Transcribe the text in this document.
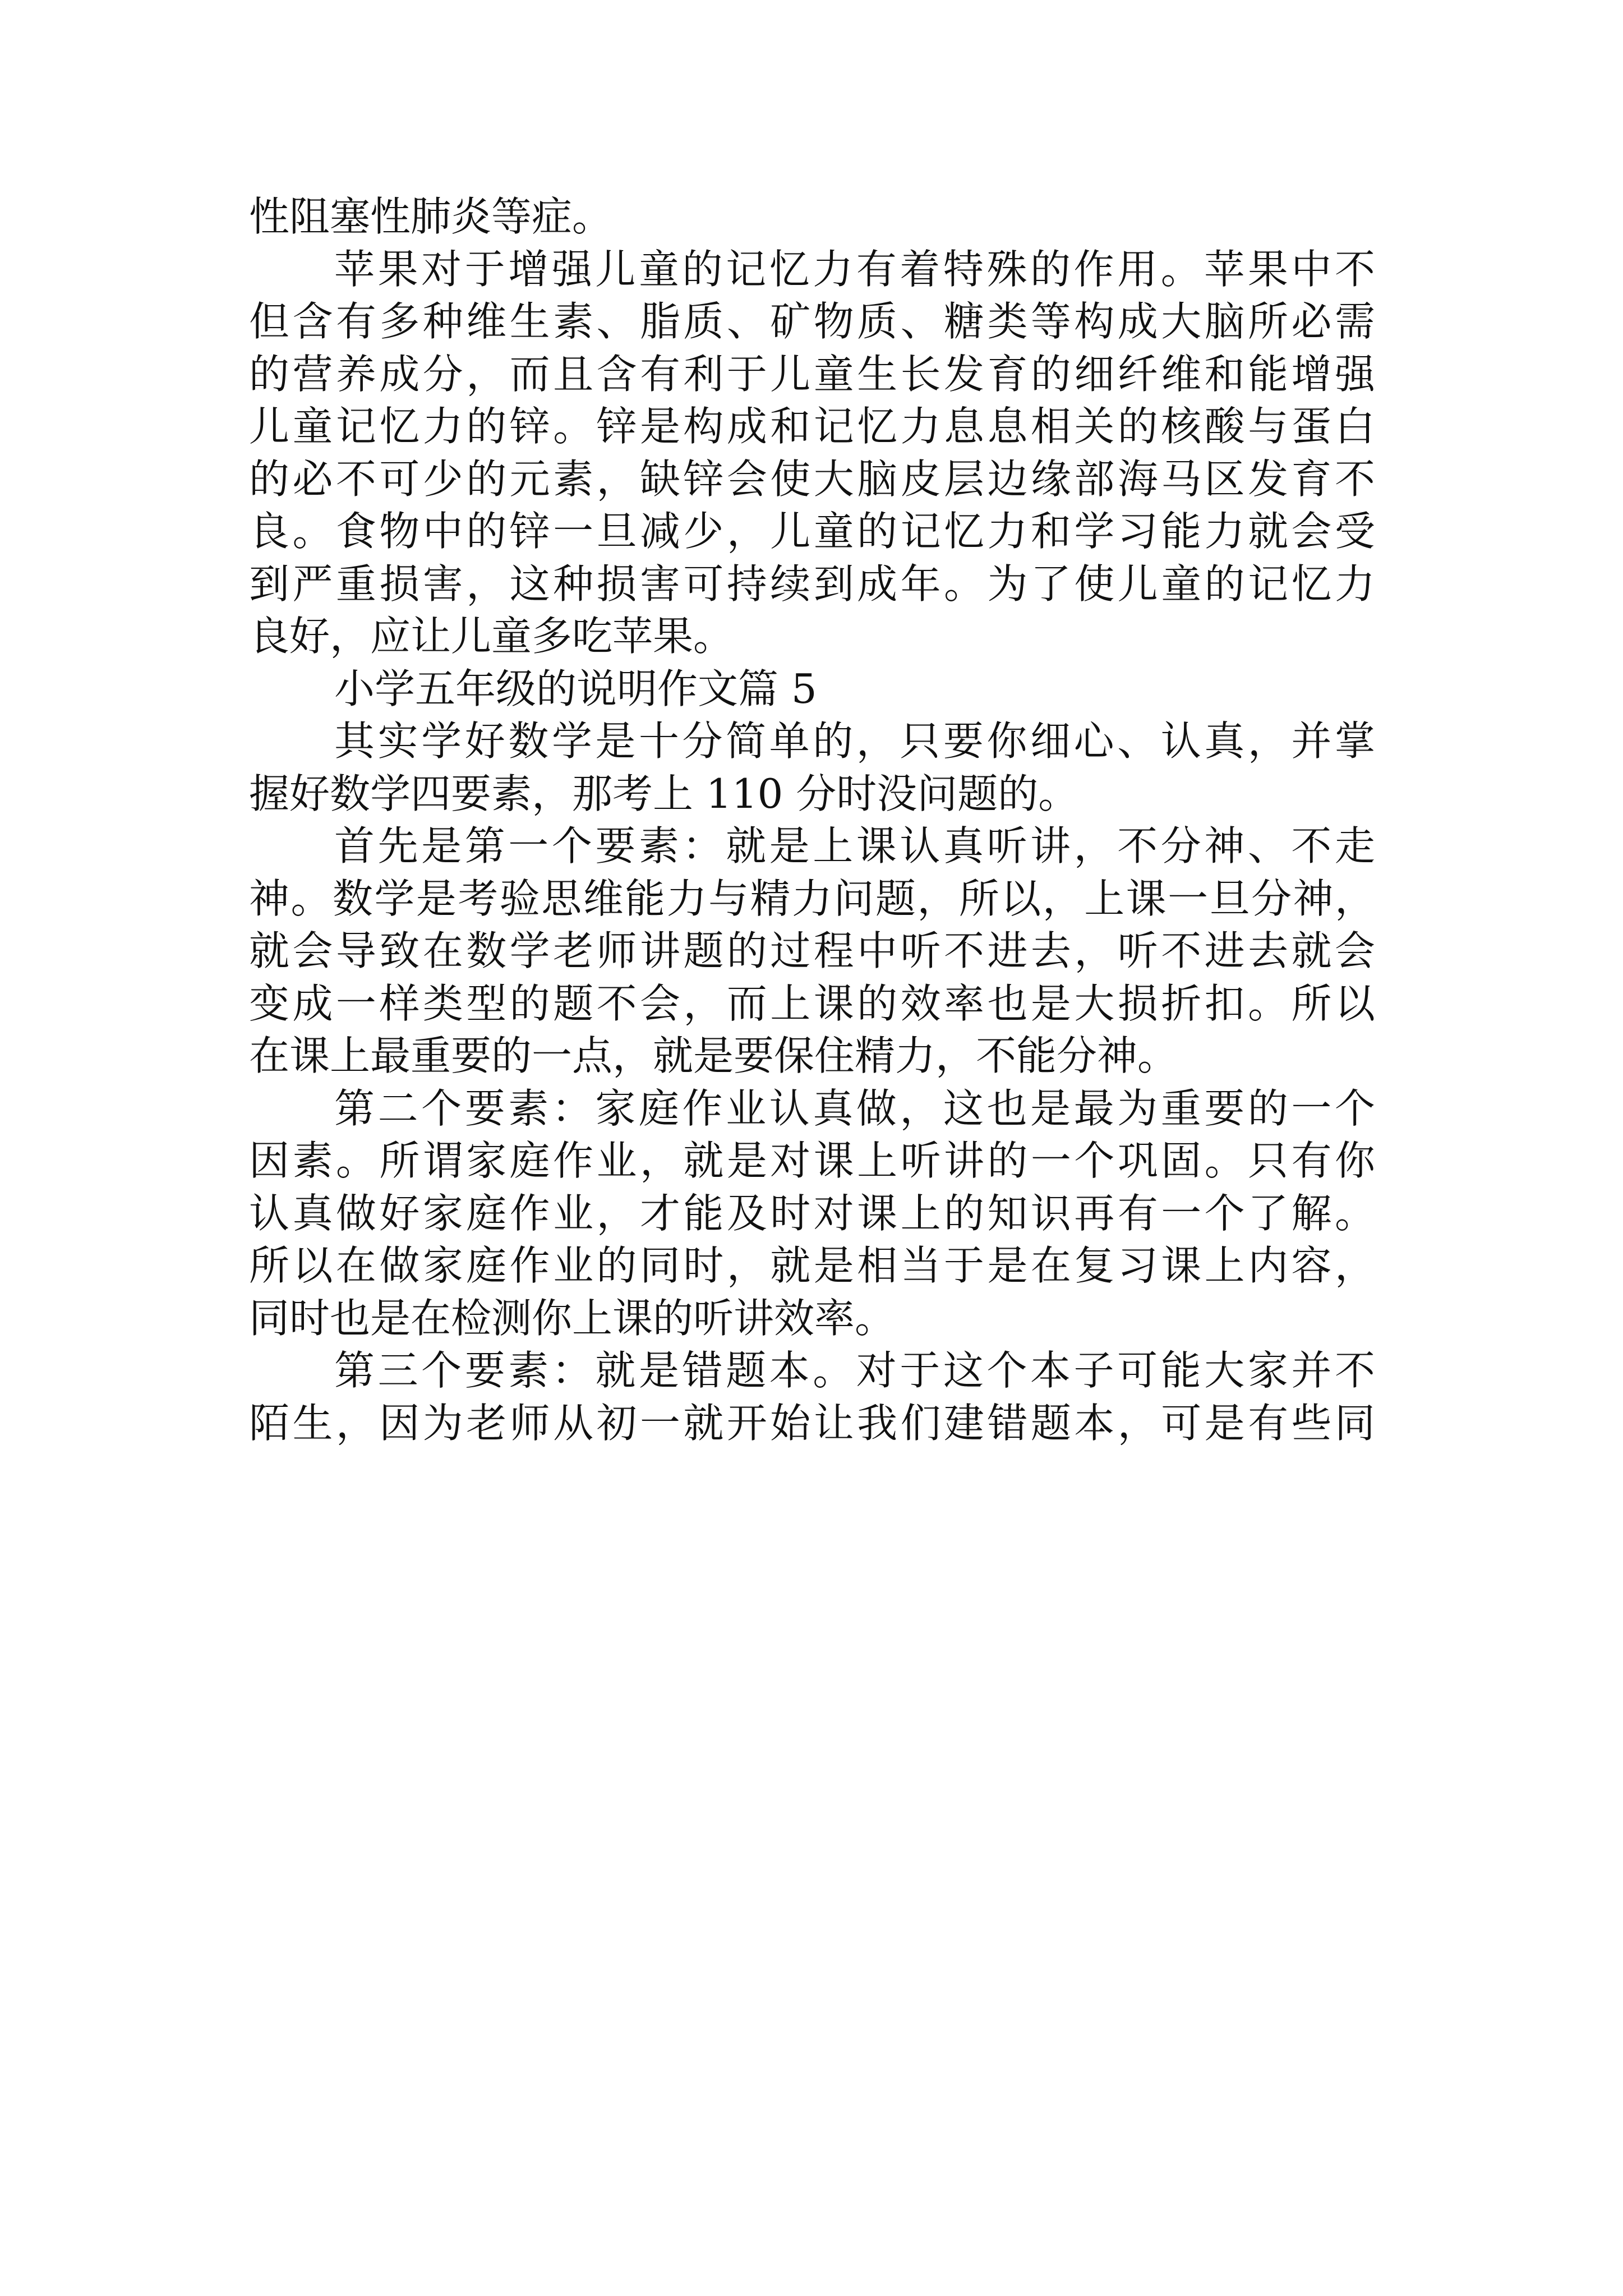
性阻塞性肺炎等症。
苹果对于增强儿童的记忆力有着特殊的作用。苹果中不
但含有多种维生素、脂质、矿物质、糖类等构成大脑所必需
的营养成分，而且含有利于儿童生长发育的细纤维和能增强
儿童记忆力的锌。锌是构成和记忆力息息相关的核酸与蛋白
的必不可少的元素，缺锌会使大脑皮层边缘部海马区发育不
良。食物中的锌一旦减少，儿童的记忆力和学习能力就会受
到严重损害，这种损害可持续到成年。为了使儿童的记忆力
良好，应让儿童多吃苹果。
小学五年级的说明作文篇 5
其实学好数学是十分简单的，只要你细心、认真，并掌
握好数学四要素，那考上 110 分时没问题的。
首先是第一个要素：就是上课认真听讲，不分神、不走
神。数学是考验思维能力与精力问题，所以，上课一旦分神，
就会导致在数学老师讲题的过程中听不进去，听不进去就会
变成一样类型的题不会，而上课的效率也是大损折扣。所以
在课上最重要的一点，就是要保住精力，不能分神。
第二个要素：家庭作业认真做，这也是最为重要的一个
因素。所谓家庭作业，就是对课上听讲的一个巩固。只有你
认真做好家庭作业，才能及时对课上的知识再有一个了解。
所以在做家庭作业的同时，就是相当于是在复习课上内容，
同时也是在检测你上课的听讲效率。
第三个要素：就是错题本。对于这个本子可能大家并不
陌生，因为老师从初一就开始让我们建错题本，可是有些同
